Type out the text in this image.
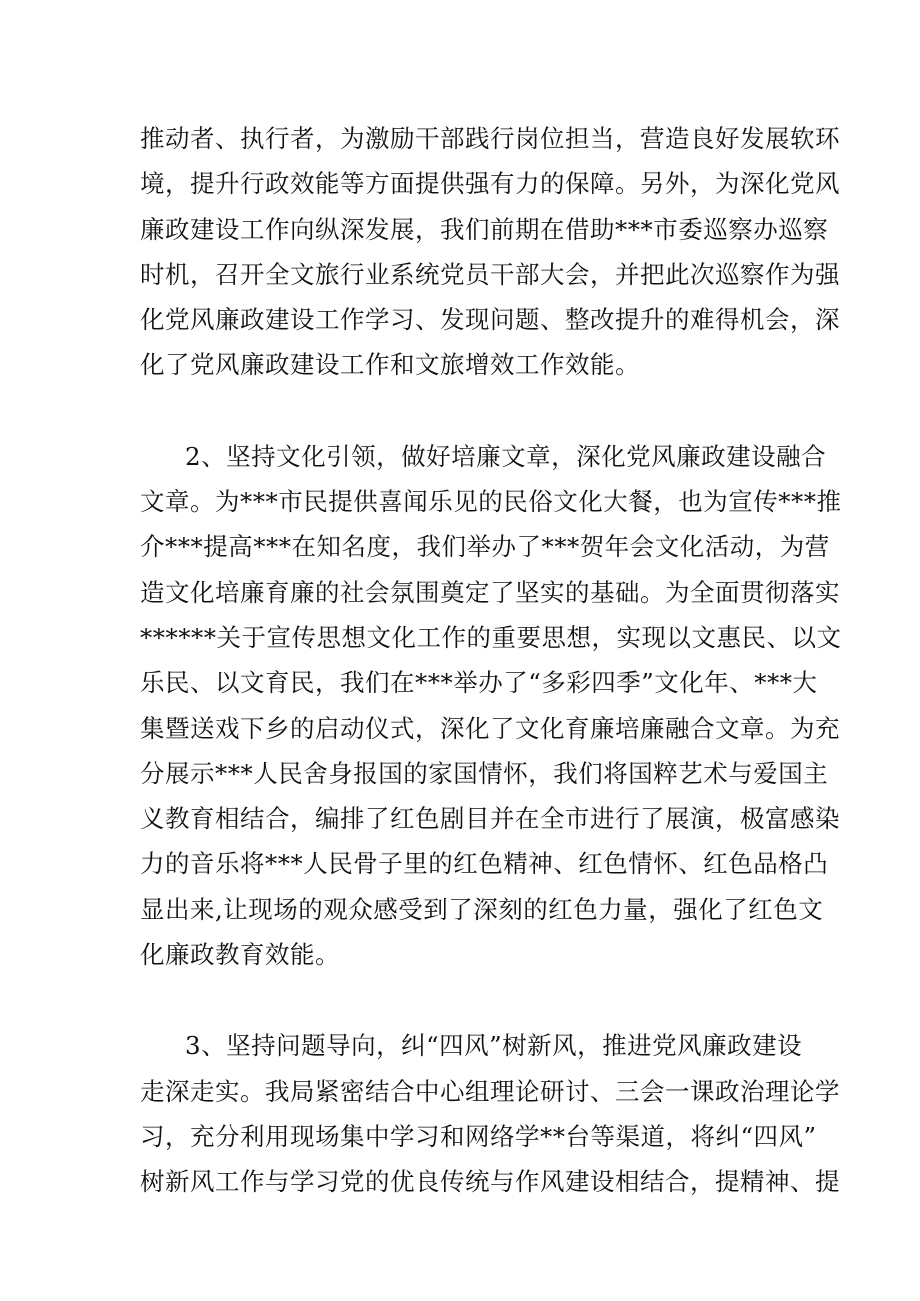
推动者、执行者，为激励干部践行岗位担当，营造良好发展软环
境，提升行政效能等方面提供强有力的保障。另外，为深化党风
廉政建设工作向纵深发展，我们前期在借助***市委巡察办巡察
时机，召开全文旅行业系统党员干部大会，并把此次巡察作为强
化党风廉政建设工作学习、发现问题、整改提升的难得机会，深
化了党风廉政建设工作和文旅增效工作效能。
2、坚持文化引领，做好培廉文章，深化党风廉政建设融合
文章。为***市民提供喜闻乐见的民俗文化大餐，也为宣传***推
介***提高***在知名度，我们举办了***贺年会文化活动，为营
造文化培廉育廉的社会氛围奠定了坚实的基础。为全面贯彻落实
******关于宣传思想文化工作的重要思想，实现以文惠民、以文
乐民、以文育民，我们在***举办了“多彩四季”文化年、***大
集暨送戏下乡的启动仪式，深化了文化育廉培廉融合文章。为充
分展示***人民舍身报国的家国情怀，我们将国粹艺术与爱国主
义教育相结合，编排了红色剧目并在全市进行了展演，极富感染
力的音乐将***人民骨子里的红色精神、红色情怀、红色品格凸
显出来,让现场的观众感受到了深刻的红色力量，强化了红色文
化廉政教育效能。
3、坚持问题导向，纠“四风”树新风，推进党风廉政建设
走深走实。我局紧密结合中心组理论研讨、三会一课政治理论学
习，充分利用现场集中学习和网络学**台等渠道，将纠“四风”
树新风工作与学习党的优良传统与作风建设相结合，提精神、提
